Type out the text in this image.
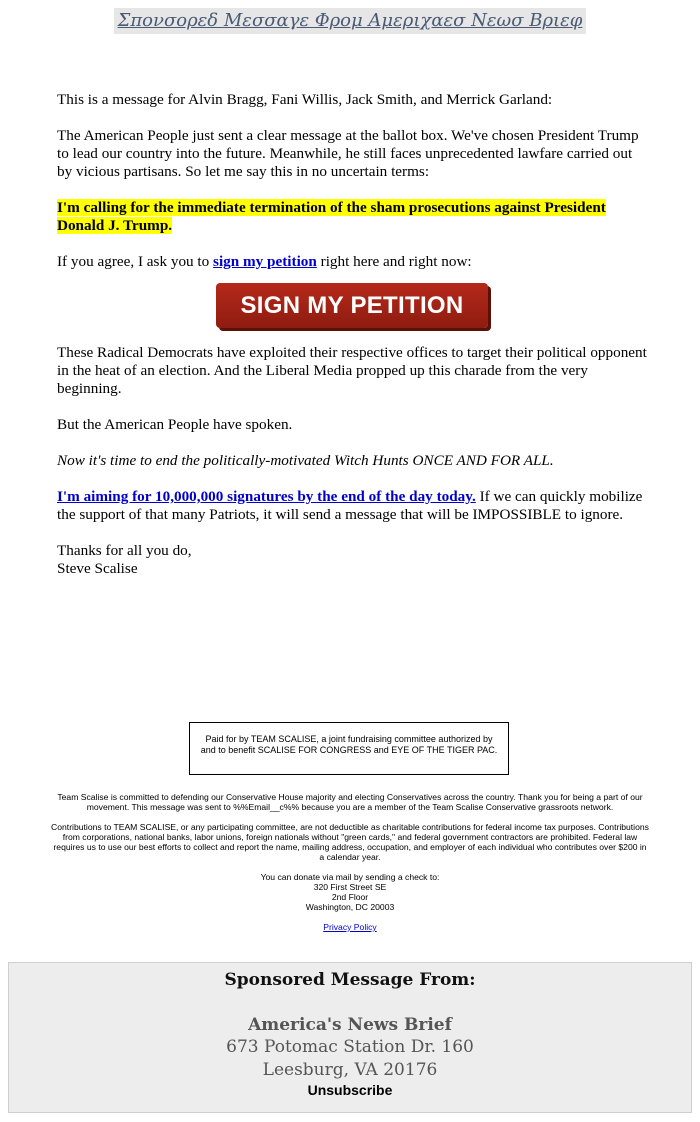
Σπονσορεδ Μεσσαγε Φρομ Αμεριχαεσ Νεωσ Βριεφ

This is a message for Alvin Bragg, Fani Willis, Jack Smith, and Merrick Garland:

The American People just sent a clear message at the ballot box. We've chosen President Trump to lead our country into the future. Meanwhile, he still faces unprecedented lawfare carried out by vicious partisans. So let me say this in no uncertain terms:

I'm calling for the immediate termination of the sham prosecutions against President Donald J. Trump.

If you agree, I ask you to sign my petition right here and right now:

SIGN MY PETITION

These Radical Democrats have exploited their respective offices to target their political opponent in the heat of an election. And the Liberal Media propped up this charade from the very beginning.

But the American People have spoken.

Now it's time to end the politically-motivated Witch Hunts ONCE AND FOR ALL.

I'm aiming for 10,000,000 signatures by the end of the day today. If we can quickly mobilize the support of that many Patriots, it will send a message that will be IMPOSSIBLE to ignore.

Thanks for all you do,
Steve Scalise

Paid for by TEAM SCALISE, a joint fundraising committee authorized by and to benefit SCALISE FOR CONGRESS and EYE OF THE TIGER PAC.

Team Scalise is committed to defending our Conservative House majority and electing Conservatives across the country. Thank you for being a part of our movement. This message was sent to %%Email__c%% because you are a member of the Team Scalise Conservative grassroots network.

Contributions to TEAM SCALISE, or any participating committee, are not deductible as charitable contributions for federal income tax purposes. Contributions from corporations, national banks, labor unions, foreign nationals without "green cards," and federal government contractors are prohibited. Federal law requires us to use our best efforts to collect and report the name, mailing address, occupation, and employer of each individual who contributes over $200 in a calendar year.

You can donate via mail by sending a check to:
320 First Street SE
2nd Floor
Washington, DC 20003

Privacy Policy

Sponsored Message From:
America's News Brief
673 Potomac Station Dr. 160
Leesburg, VA 20176
Unsubscribe
